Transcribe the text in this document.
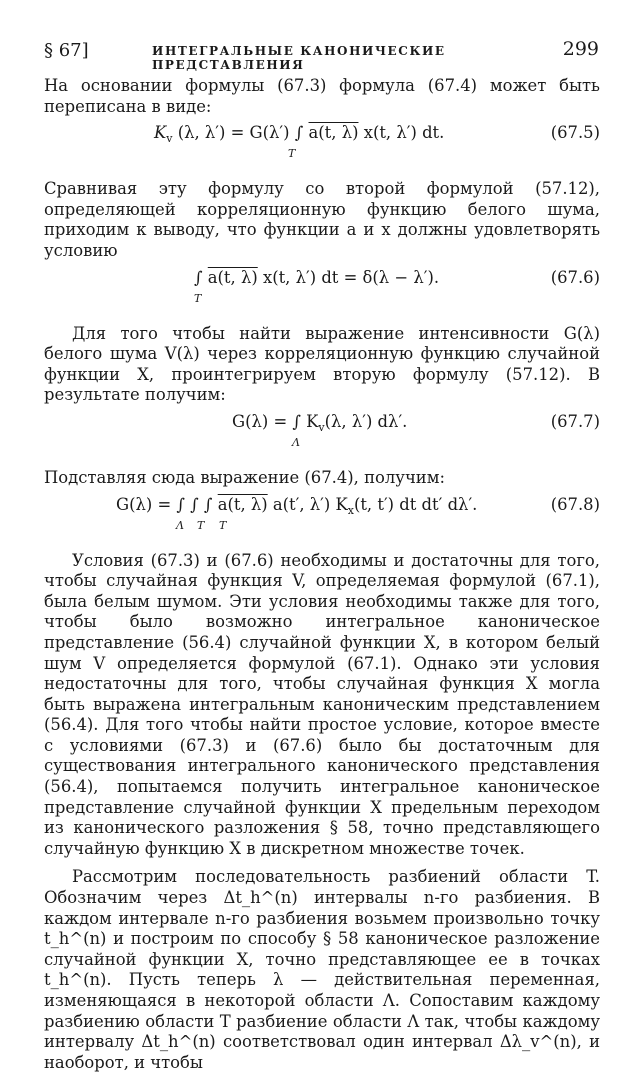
§ 67]	ИНТЕГРАЛЬНЫЕ КАНОНИЧЕСКИЕ ПРЕДСТАВЛЕНИЯ
299

На основании формулы (67.3) формула (67.4) может быть переписана в виде:

$K_v$ (λ, λ′) = G(λ′) ∫ a(t, λ) x(t, λ′) dt.
T
(67.5)

Сравнивая эту формулу со второй формулой (57.12), определяющей корреляционную функцию белого шума, приходим к выводу, что функции a и x должны удовлетворять условию

∫ a(t, λ) x(t, λ′) dt = δ(λ − λ′).
T
(67.6)

Для того чтобы найти выражение интенсивности G(λ) белого шума V(λ) через корреляционную функцию случайной функции X, проинтегрируем вторую формулу (57.12). В результате получим:

G(λ) = ∫ $K_v(\lambda$, λ′) dλ′.
Λ
(67.7)

Подставляя сюда выражение (67.4), получим:

G(λ) = ∫ ∫ ∫ a(t, λ) a(t′, λ′) $K_x(t$, t′) dt dt′ dλ′.
Λ T T
(67.8)

Условия (67.3) и (67.6) необходимы и достаточны для того, чтобы случайная функция V, определяемая формулой (67.1), была белым шумом. Эти условия необходимы также для того, чтобы было возможно интегральное каноническое представление (56.4) случайной функции X, в котором белый шум V определяется формулой (67.1). Однако эти условия недостаточны для того, чтобы случайная функция X могла быть выражена интегральным каноническим представлением (56.4). Для того чтобы найти простое условие, которое вместе с условиями (67.3) и (67.6) было бы достаточным для существования интегрального канонического представления (56.4), попытаемся получить интегральное каноническое представление случайной функции X предельным переходом из канонического разложения § 58, точно представляющего случайную функцию X в дискретном множестве точек.

Рассмотрим последовательность разбиений области T. Обозначим через Δt_h^(n) интервалы n-го разбиения. В каждом интервале n-го разбиения возьмем произвольно точку t_h^(n) и построим по способу § 58 каноническое разложение случайной функции X, точно представляющее ее в точках t_h^(n). Пусть теперь λ — действительная переменная, изменяющаяся в некоторой области Λ. Сопоставим каждому разбиению области T разбиение области Λ так, чтобы каждому интервалу Δt_h^(n) соответствовал один интервал Δλ_v^(n), и наоборот, и чтобы
